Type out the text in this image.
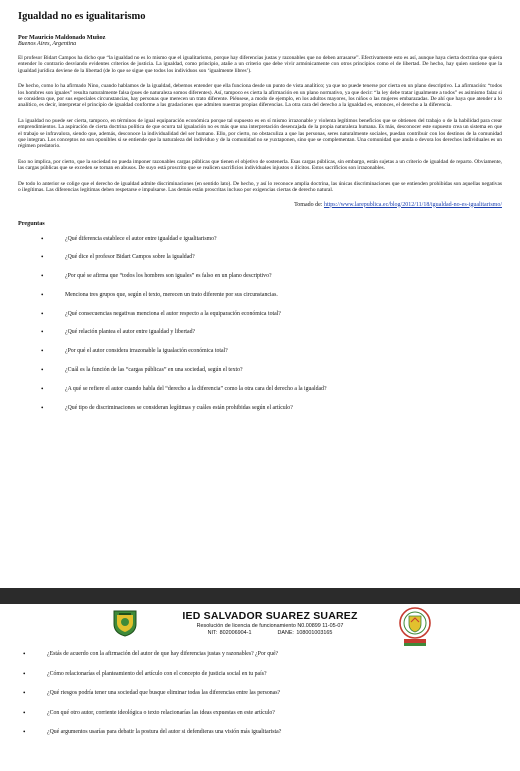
Igualdad no es igualitarismo
Por Mauricio Maldonado Muñoz
Buenos Aires, Argentina

El profesor Bidart Campos ha dicho que “la igualdad no es lo mismo que el igualitarismo, porque hay diferencias justas y razonables que no deben arrasarse”. Efectivamente esto es así, aunque haya cierta doctrina que quiera entender lo contrario desviando evidentes criterios de justicia. La igualdad, como principio, atañe a un criterio que debe vivir armónicamente con otros principios como el de libertad. De hecho, hay quien sostiene que la igualdad jurídica deviene de la libertad (de lo que se sigue que todos los individuos son ‘igualmente libres’).

De hecho, como lo ha afirmado Nino, cuando hablamos de la igualdad, debemos entender que ella funciona desde un punto de vista analítico; ya que no puede tenerse por cierta en un plano descriptivo. La afirmación: “todos los hombres son iguales” resulta naturalmente falsa (pues de naturaleza somos diferentes). Así, tampoco es cierta la afirmación en un plano normativo, ya que decir: “la ley debe tratar igualmente a todos” es asimismo falaz si se considera que, por sus especiales circunstancias, hay personas que merecen un trato diferente. Piénsese, a modo de ejemplo, en los adultos mayores, los niños o las mujeres embarazadas. De ahí que haya que atender a lo analítico, es decir, interpretar el principio de igualdad conforme a las gradaciones que admiten nuestras propias diferencias. La otra cara del derecho a la igualdad es, entonces, el derecho a la diferencia.

La igualdad no puede ser cierta, tampoco, en términos de igual equiparación económica porque tal supuesto es en sí mismo irrazonable y violenta legítimos beneficios que se obtienen del trabajo o de la habilidad para crear emprendimientos. La aspiración de cierta doctrina política de que ocurra tal igualación no es más que una interpretación desencajada de la propia naturaleza humana. Es más, desconocer este supuesto crea un sistema en que el trabajo se infravalora, siendo que, además, desconoce la individualidad del ser humano. Ello, por cierto, no obstaculiza a que las personas, seres naturalmente sociales, puedan contribuir con los destinos de la comunidad que integran. Los conceptos no son oponibles si se entiende que la naturaleza del individuo y de la comunidad no se yuxtaponen, sino que se complementan. Una comunidad que anula o devora los derechos individuales es un régimen predatorio.

Eso no implica, por cierto, que la sociedad no pueda imponer razonables cargas públicas que tienen el objetivo de sostenerla. Esas cargas públicas, sin embargo, están sujetas a un criterio de igualdad de reparto. Obviamente, las cargas públicas que se exceden se tornan en abusos. De suyo está proscrito que se realicen sacrificios individuales injustos o ilícitos. Estos sacrificios son irrazonables.

De todo lo anterior se colige que el derecho de igualdad admite discriminaciones (en sentido lato). De hecho, y así lo reconoce amplia doctrina, las únicas discriminaciones que se entienden prohibidas son aquellas negativas o ilegítimas. Las diferencias legítimas deben respetarse e impulsarse. Las demás están proscritas incluso por exigencias ciertas de derecho natural.

Tomado de: https://www.larepublica.ec/blog/2012/11/18/igualdad-no-es-igualitarismo/
Preguntas
• ¿Qué diferencia establece el autor entre igualdad e igualitarismo?
• ¿Qué dice el profesor Bidart Campos sobre la igualdad?
• ¿Por qué se afirma que “todos los hombres son iguales” es falso en un plano descriptivo?
• Menciona tres grupos que, según el texto, merecen un trato diferente por sus circunstancias.
• ¿Qué consecuencias negativas menciona el autor respecto a la equiparación económica total?
• ¿Qué relación plantea el autor entre igualdad y libertad?
• ¿Por qué el autor considera irrazonable la igualación económica total?
• ¿Cuál es la función de las “cargas públicas” en una sociedad, según el texto?
• ¿A qué se refiere el autor cuando habla del “derecho a la diferencia” como la otra cara del derecho a la igualdad?
• ¿Qué tipo de discriminaciones se consideran legítimas y cuáles están prohibidas según el artículo?
IED SALVADOR SUAREZ SUAREZ
Resolución de licencia de funcionamiento N0.00899 11-05-07
NIT: 802006904-1	DANE: 108001003165
• ¿Estás de acuerdo con la afirmación del autor de que hay diferencias justas y razonables? ¿Por qué?
• ¿Cómo relacionarías el planteamiento del artículo con el concepto de justicia social en tu país?
• ¿Qué riesgos podría tener una sociedad que busque eliminar todas las diferencias entre las personas?
• ¿Con qué otro autor, corriente ideológica o texto relacionarías las ideas expuestas en este artículo?
• ¿Qué argumentos usarías para debatir la postura del autor si defendieras una visión más igualitarista?
